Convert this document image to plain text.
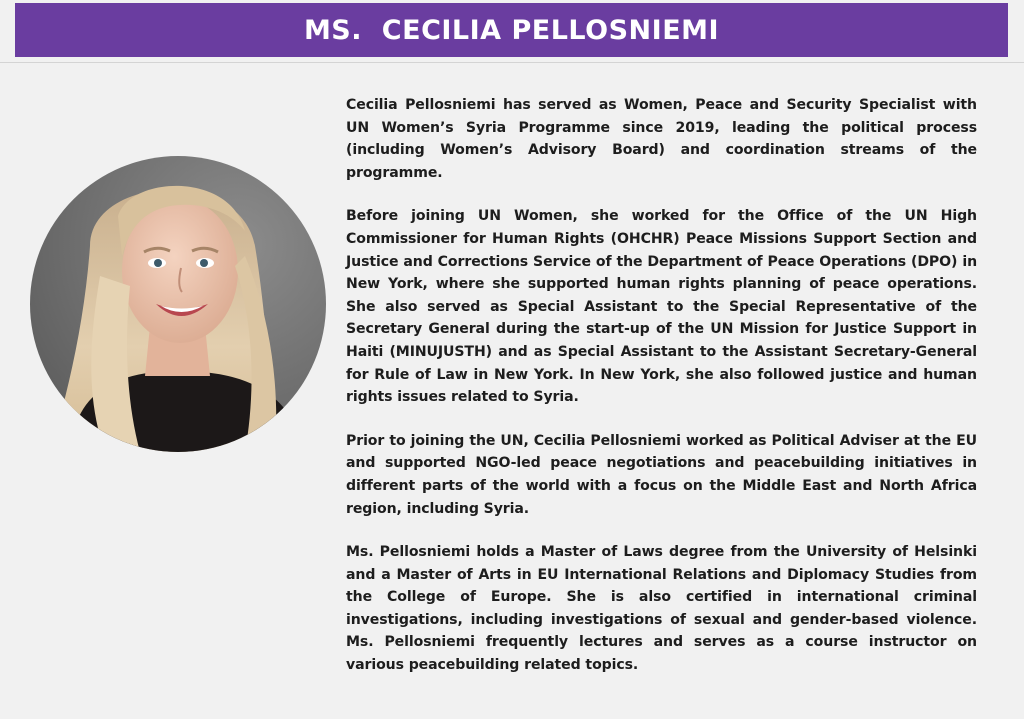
MS.  CECILIA PELLOSNIEMI

Cecilia Pellosniemi has served as Women, Peace and Security Specialist with UN Women’s Syria Programme since 2019, leading the political process (including Women’s Advisory Board) and coordination streams of the programme.

Before joining UN Women, she worked for the Office of the UN High Commissioner for Human Rights (OHCHR) Peace Missions Support Section and Justice and Corrections Service of the Department of Peace Operations (DPO) in New York, where she supported human rights planning of peace operations. She also served as Special Assistant to the Special Representative of the Secretary General during the start-up of the UN Mission for Justice Support in Haiti (MINUJUSTH) and as Special Assistant to the Assistant Secretary-General for Rule of Law in New York. In New York, she also followed justice and human rights issues related to Syria.

Prior to joining the UN, Cecilia Pellosniemi worked as Political Adviser at the EU and supported NGO-led peace negotiations and peacebuilding initiatives in different parts of the world with a focus on the Middle East and North Africa region, including Syria.

Ms. Pellosniemi holds a Master of Laws degree from the University of Helsinki and a Master of Arts in EU International Relations and Diplomacy Studies from the College of Europe. She is also certified in international criminal investigations, including investigations of sexual and gender-based violence. Ms. Pellosniemi frequently lectures and serves as a course instructor on various peacebuilding related topics.
